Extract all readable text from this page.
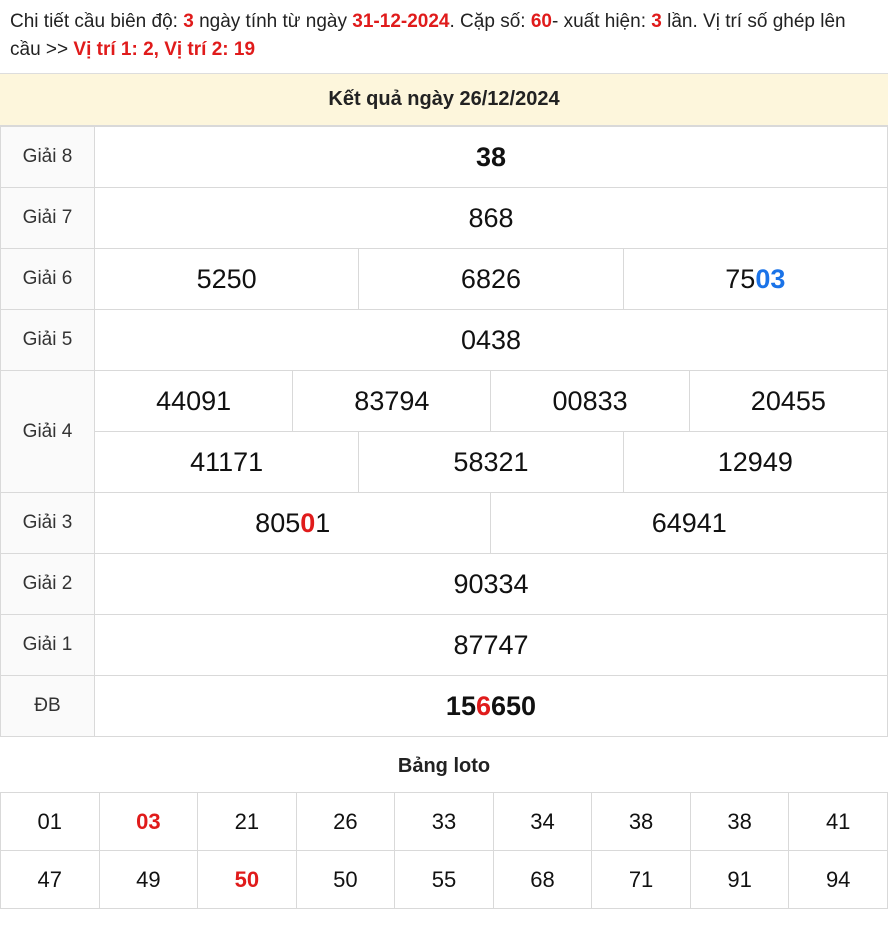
Chi tiết cầu biên độ: 3 ngày tính từ ngày 31-12-2024. Cặp số: 60- xuất hiện: 3 lần. Vị trí số ghép lên cầu >> Vị trí 1: 2, Vị trí 2: 19
Kết quả ngày 26/12/2024
Giải 8	38					
Giải 7	868					
Giải 6	5250		6826		7503	
Giải 5	0438					
Giải 4	44091	83794		00833		20455
	41171		58321		12949	
Giải 3	80501			64941		
Giải 2	90334					
Giải 1	87747					
ĐB	156650					
Bảng loto
01	03	21	26	33	34	38	38	41
47	49	50	50	55	68	71	91	94
